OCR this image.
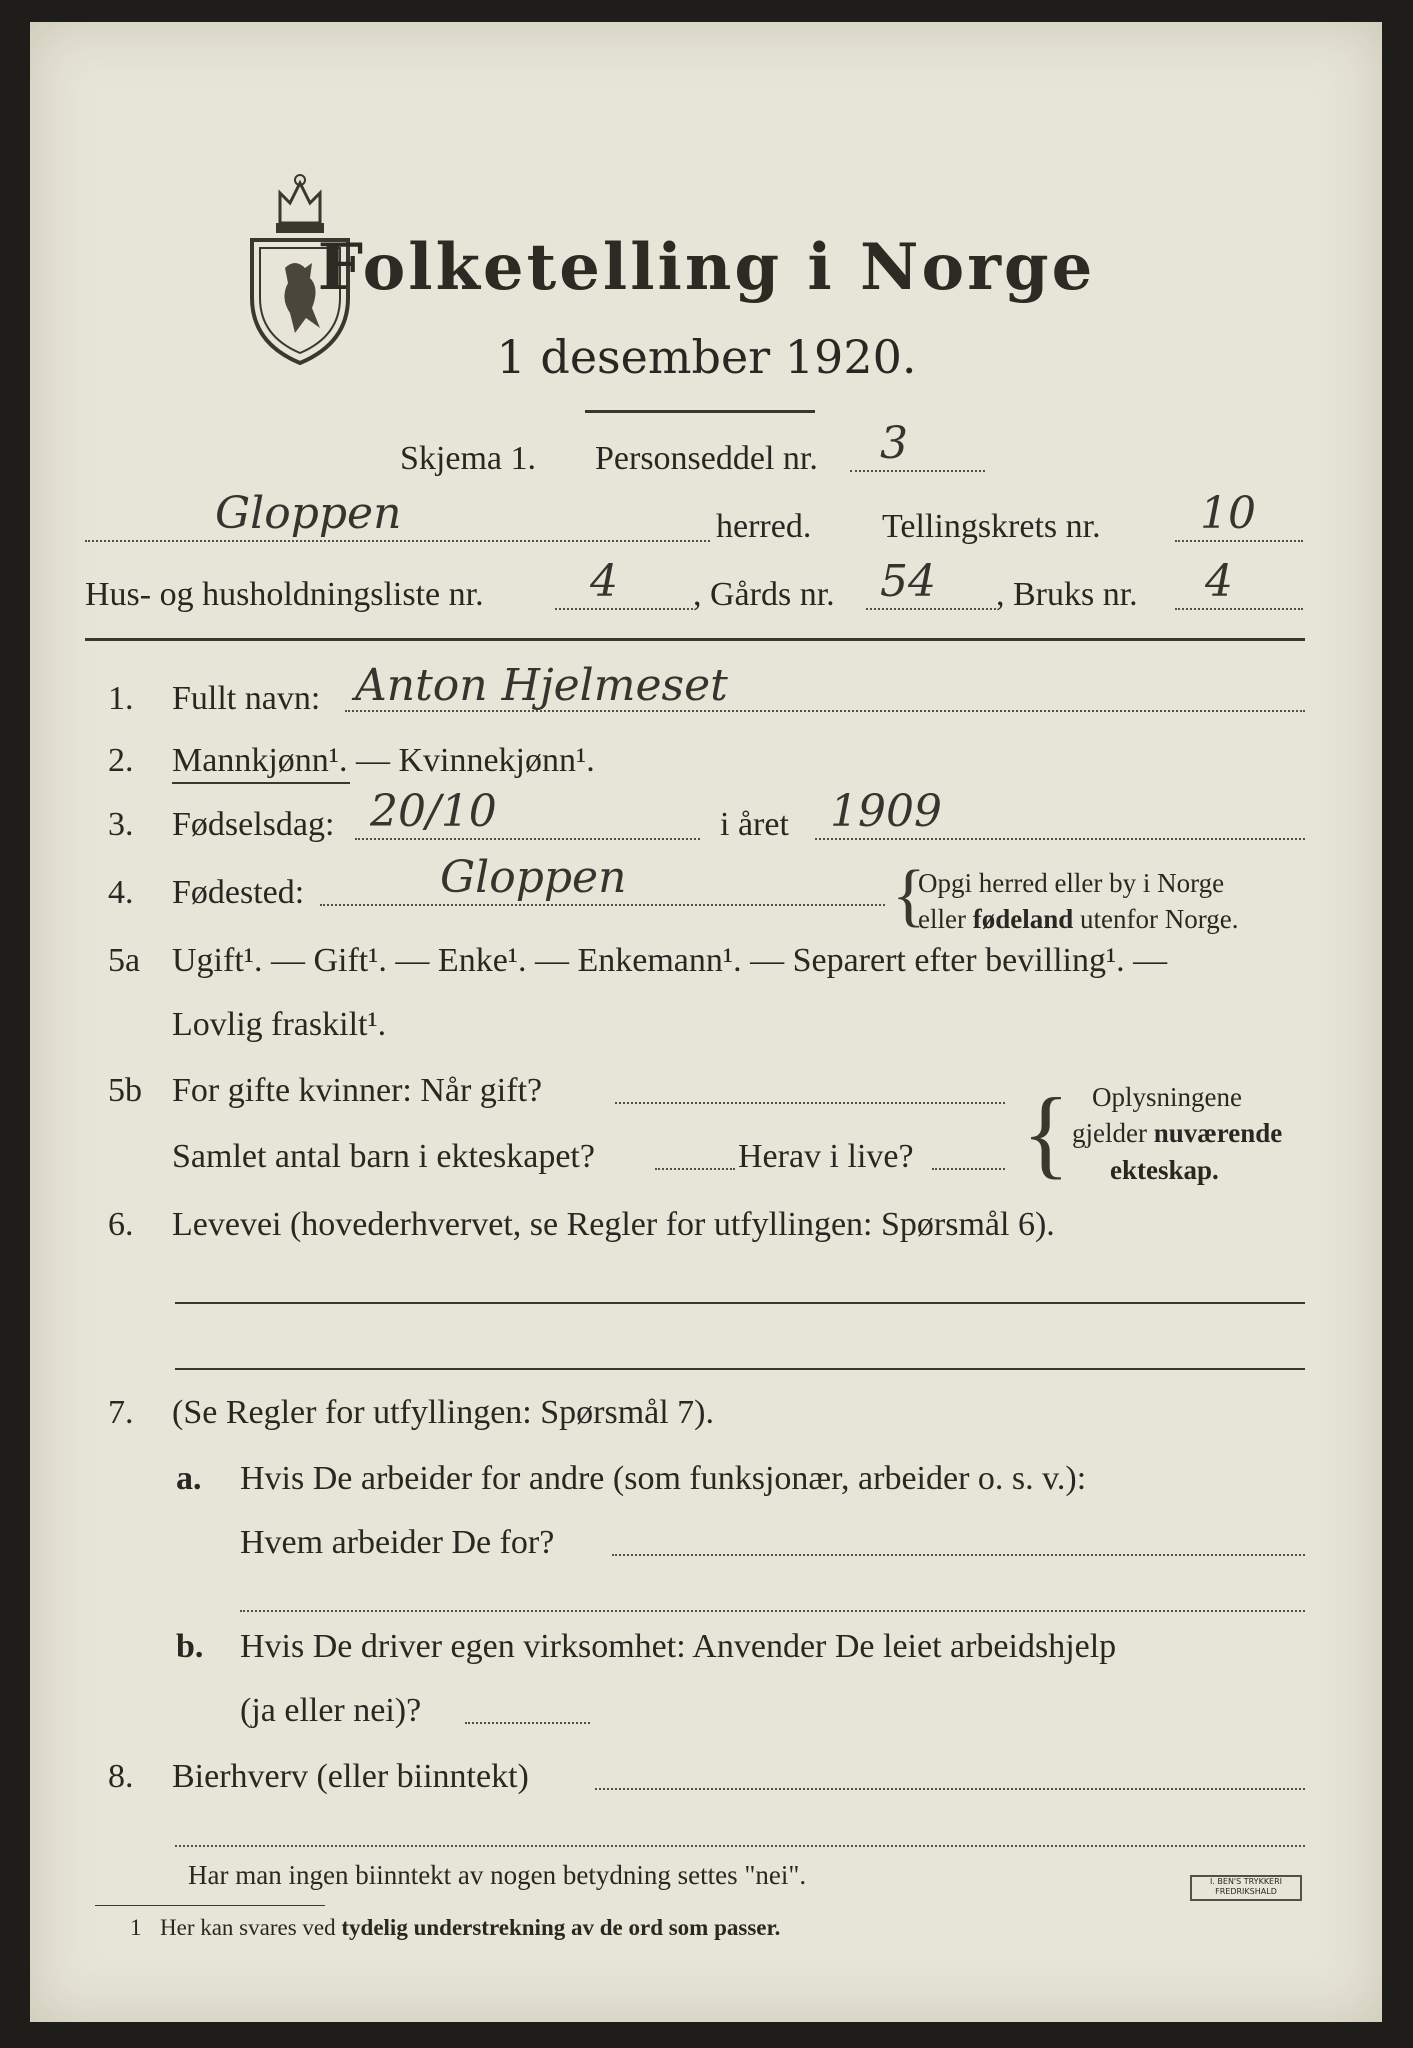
Folketelling i Norge
1 desember 1920.
Skjema 1. Personseddel nr. 3
Gloppen	herred. Tellingskrets nr. 10
Hus- og husholdningsliste nr. 4 , Gårds nr. 54 , Bruks nr. 4
1. Fullt navn: Anton Hjelmeset
2. Mannkjønn¹. — Kvinnekjønn¹.
3. Fødselsdag: 20/10	i året 1909
4. Fødested:	Gloppen	{
Opgi herred eller by i Norge
eller fødeland utenfor Norge.
5a Ugift¹. — Gift¹. — Enke¹. — Enkemann¹. — Separert efter bevilling¹. —
Lovlig fraskilt¹.
5b For gifte kvinner: Når gift?
Samlet antal barn i ekteskapet?	Herav i live? { Oplysningene
gjelder nuværende
ekteskap.
6. Levevei (hovederhvervet, se Regler for utfyllingen: Spørsmål 6).
7. (Se Regler for utfyllingen: Spørsmål 7).
a. Hvis De arbeider for andre (som funksjonær, arbeider o. s. v.):
Hvem arbeider De for?
b. Hvis De driver egen virksomhet: Anvender De leiet arbeidshjelp
(ja eller nei)?
8. Bierhverv (eller biinntekt)
Har man ingen biinntekt av nogen betydning settes "nei".
1 Her kan svares ved tydelig understrekning av de ord som passer.
I. BEN'S TRYKKERI FREDRIKSHALD
